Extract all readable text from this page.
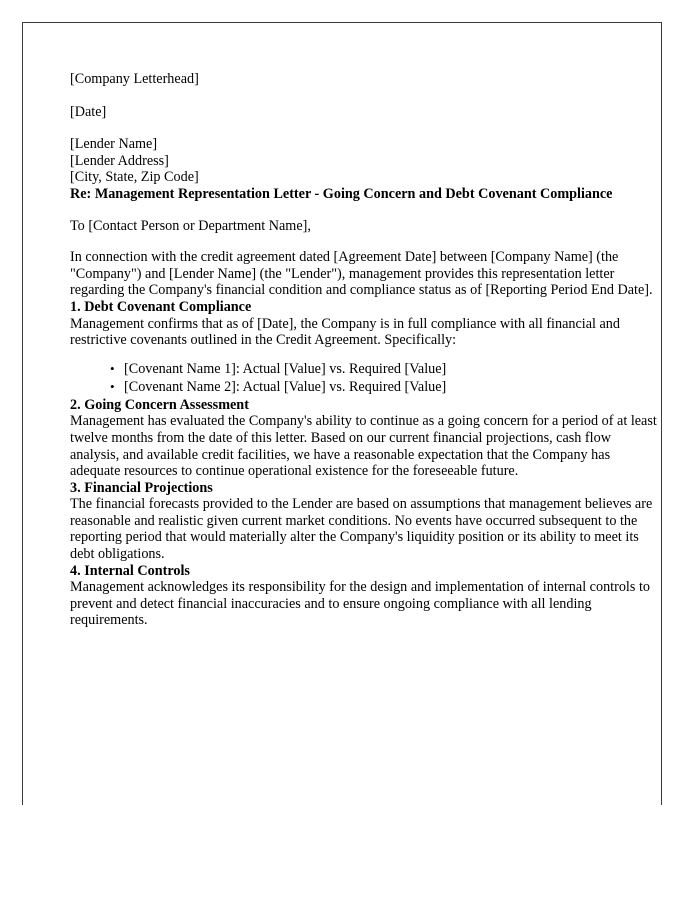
[Company Letterhead]

[Date]

[Lender Name]
[Lender Address]
[City, State, Zip Code]

Re: Management Representation Letter - Going Concern and Debt Covenant Compliance

To [Contact Person or Department Name],

In connection with the credit agreement dated [Agreement Date] between [Company Name] (the "Company") and [Lender Name] (the "Lender"), management provides this representation letter regarding the Company's financial condition and compliance status as of [Reporting Period End Date].

1. Debt Covenant Compliance

Management confirms that as of [Date], the Company is in full compliance with all financial and restrictive covenants outlined in the Credit Agreement. Specifically:

• [Covenant Name 1]: Actual [Value] vs. Required [Value]
• [Covenant Name 2]: Actual [Value] vs. Required [Value]

2. Going Concern Assessment

Management has evaluated the Company's ability to continue as a going concern for a period of at least twelve months from the date of this letter. Based on our current financial projections, cash flow analysis, and available credit facilities, we have a reasonable expectation that the Company has adequate resources to continue operational existence for the foreseeable future.

3. Financial Projections

The financial forecasts provided to the Lender are based on assumptions that management believes are reasonable and realistic given current market conditions. No events have occurred subsequent to the reporting period that would materially alter the Company's liquidity position or its ability to meet its debt obligations.

4. Internal Controls

Management acknowledges its responsibility for the design and implementation of internal controls to prevent and detect financial inaccuracies and to ensure ongoing compliance with all lending requirements.
